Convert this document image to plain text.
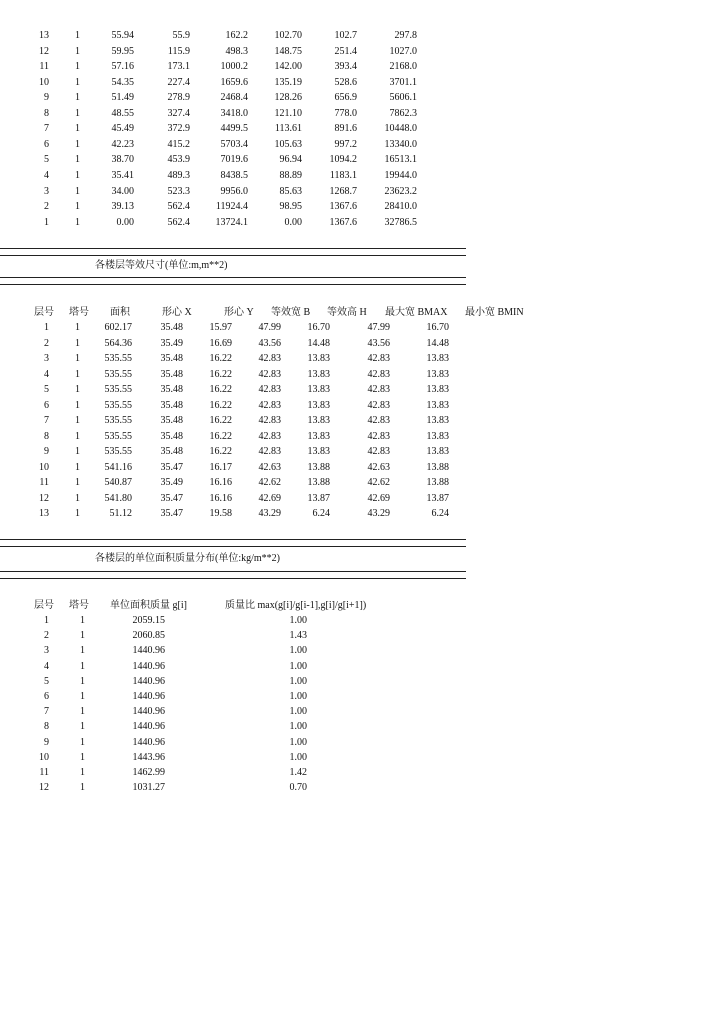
13	1	55.94	55.9	162.2	102.70	102.7	297.8
12	1	59.95	115.9	498.3	148.75	251.4	1027.0
11	1	57.16	173.1	1000.2	142.00	393.4	2168.0
10	1	54.35	227.4	1659.6	135.19	528.6	3701.1
9	1	51.49	278.9	2468.4	128.26	656.9	5606.1
8	1	48.55	327.4	3418.0	121.10	778.0	7862.3
7	1	45.49	372.9	4499.5	113.61	891.6	10448.0
6	1	42.23	415.2	5703.4	105.63	997.2	13340.0
5	1	38.70	453.9	7019.6	96.94	1094.2	16513.1
4	1	35.41	489.3	8438.5	88.89	1183.1	19944.0
3	1	34.00	523.3	9956.0	85.63	1268.7	23623.2
2	1	39.13	562.4	11924.4	98.95	1367.6	28410.0
1	1	0.00	562.4	13724.1	0.00	1367.6	32786.5
各楼层等效尺寸(单位:m,m**2)
层号 塔号 面积	形心 X	形心 Y 等效宽 B 等效高 H 最大宽 BMAX 最小宽 BMIN
1	1 602.17	35.48	15.97	47.99	16.70	47.99	16.70
2	1 564.36	35.49	16.69	43.56	14.48	43.56	14.48
3	1 535.55	35.48	16.22	42.83	13.83	42.83	13.83
4	1 535.55	35.48	16.22	42.83	13.83	42.83	13.83
5	1 535.55	35.48	16.22	42.83	13.83	42.83	13.83
6	1 535.55	35.48	16.22	42.83	13.83	42.83	13.83
7	1 535.55	35.48	16.22	42.83	13.83	42.83	13.83
8	1 535.55	35.48	16.22	42.83	13.83	42.83	13.83
9	1 535.55	35.48	16.22	42.83	13.83	42.83	13.83
10	1 541.16	35.47	16.17	42.63	13.88	42.63	13.88
11	1 540.87	35.49	16.16	42.62	13.88	42.62	13.88
12	1 541.80	35.47	16.16	42.69	13.87	42.69	13.87
13	1	51.12	35.47	19.58	43.29	6.24	43.29	6.24
各楼层的单位面积质量分布(单位:kg/m**2)
层号 塔号 单位面积质量 g[i]	质量比 max(g[i]/g[i-1],g[i]/g[i+1])
1	1	2059.15	1.00
2	1	2060.85	1.43
3	1	1440.96	1.00
4	1	1440.96	1.00
5	1	1440.96	1.00
6	1	1440.96	1.00
7	1	1440.96	1.00
8	1	1440.96	1.00
9	1	1440.96	1.00
10	1	1443.96	1.00
11	1	1462.99	1.42
12	1	1031.27	0.70
